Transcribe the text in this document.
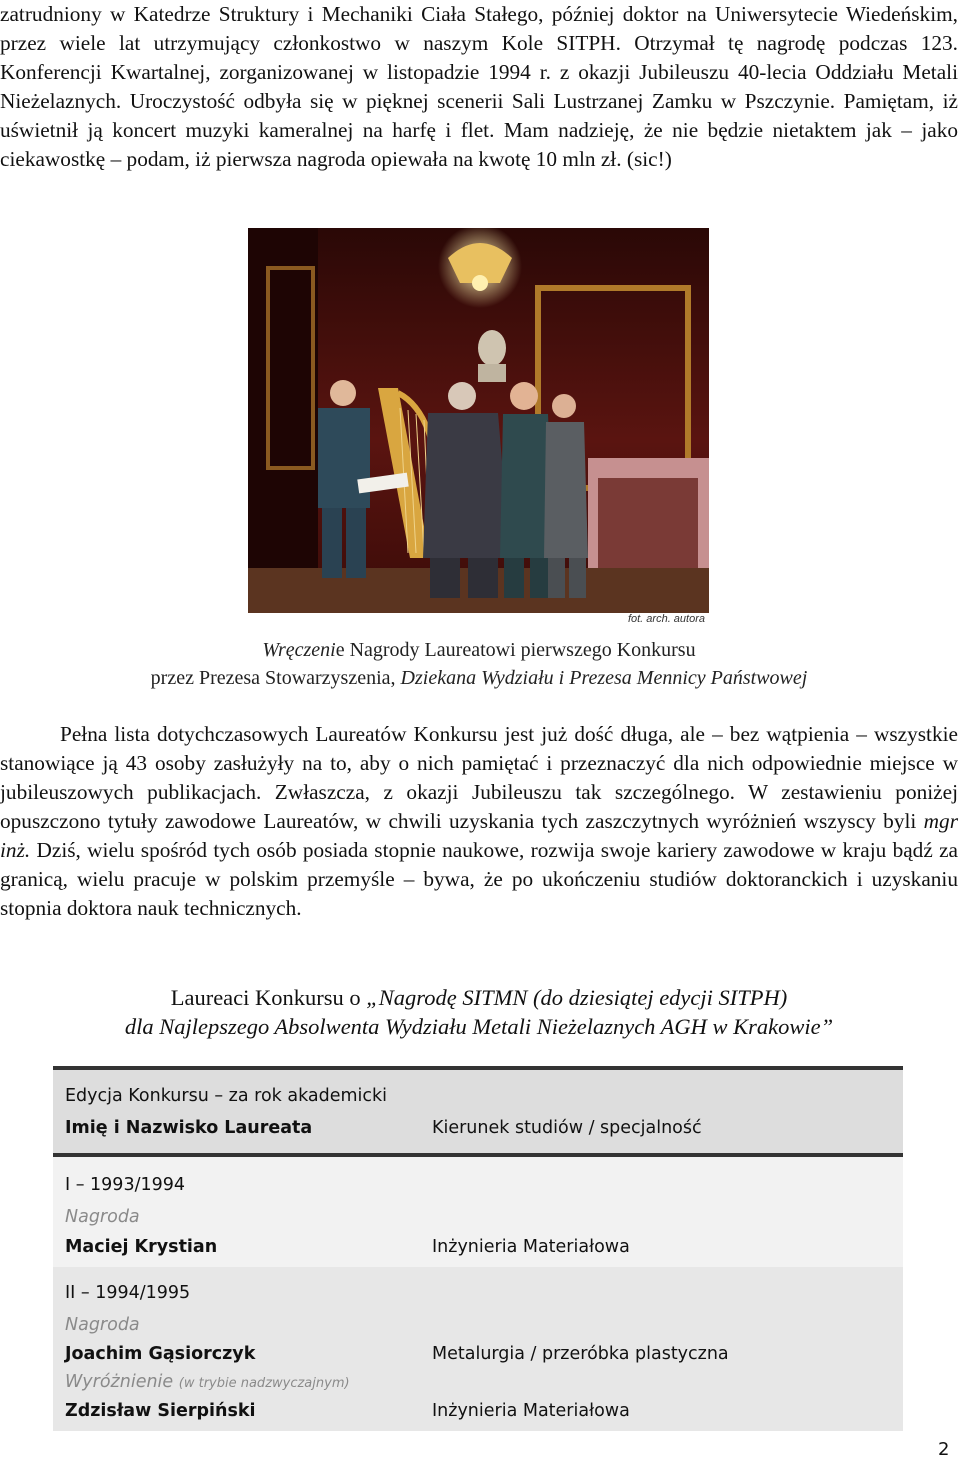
zatrudniony w Katedrze Struktury i Mechaniki Ciała Stałego, później doktor na Uniwersytecie Wiedeńskim, przez wiele lat utrzymujący członkostwo w naszym Kole SITPH. Otrzymał tę nagrodę podczas 123. Konferencji Kwartalnej, zorganizowanej w listopadzie 1994 r. z okazji Jubileuszu 40-lecia Oddziału Metali Nieżelaznych. Uroczystość odbyła się w pięknej scenerii Sali Lustrzanej Zamku w Pszczynie. Pamiętam, iż uświetnił ją koncert muzyki kameralnej na harfę i flet. Mam nadzieję, że nie będzie nietaktem jak – jako ciekawostkę – podam, iż pierwsza nagroda opiewała na kwotę 10 mln zł. (sic!)

fot. arch. autora
Wręczenie Nagrody Laureatowi pierwszego Konkursu
przez Prezesa Stowarzyszenia, Dziekana Wydziału i Prezesa Mennicy Państwowej

Pełna lista dotychczasowych Laureatów Konkursu jest już dość długa, ale – bez wątpienia – wszystkie stanowiące ją 43 osoby zasłużyły na to, aby o nich pamiętać i przeznaczyć dla nich odpowiednie miejsce w jubileuszowych publikacjach. Zwłaszcza, z okazji Jubileuszu tak szczególnego. W zestawieniu poniżej opuszczono tytuły zawodowe Laureatów, w chwili uzyskania tych zaszczytnych wyróżnień wszyscy byli mgr inż. Dziś, wielu spośród tych osób posiada stopnie naukowe, rozwija swoje kariery zawodowe w kraju bądź za granicą, wielu pracuje w polskim przemyśle – bywa, że po ukończeniu studiów doktoranckich i uzyskaniu stopnia doktora nauk technicznych.

Laureaci Konkursu o „Nagrodę SITMN (do dziesiątej edycji SITPH)
dla Najlepszego Absolwenta Wydziału Metali Nieżelaznych AGH w Krakowie”
Edycja Konkursu – za rok akademicki
Imię i Nazwisko Laureata	Kierunek studiów / specjalność
I – 1993/1994
Nagroda
Maciej Krystian	Inżynieria Materiałowa
II – 1994/1995
Nagroda
Joachim Gąsiorczyk
Wyróżnienie (w trybie nadzwyczajnym)
Zdzisław Sierpiński
Metalurgia / przeróbka plastyczna
Inżynieria Materiałowa
2
